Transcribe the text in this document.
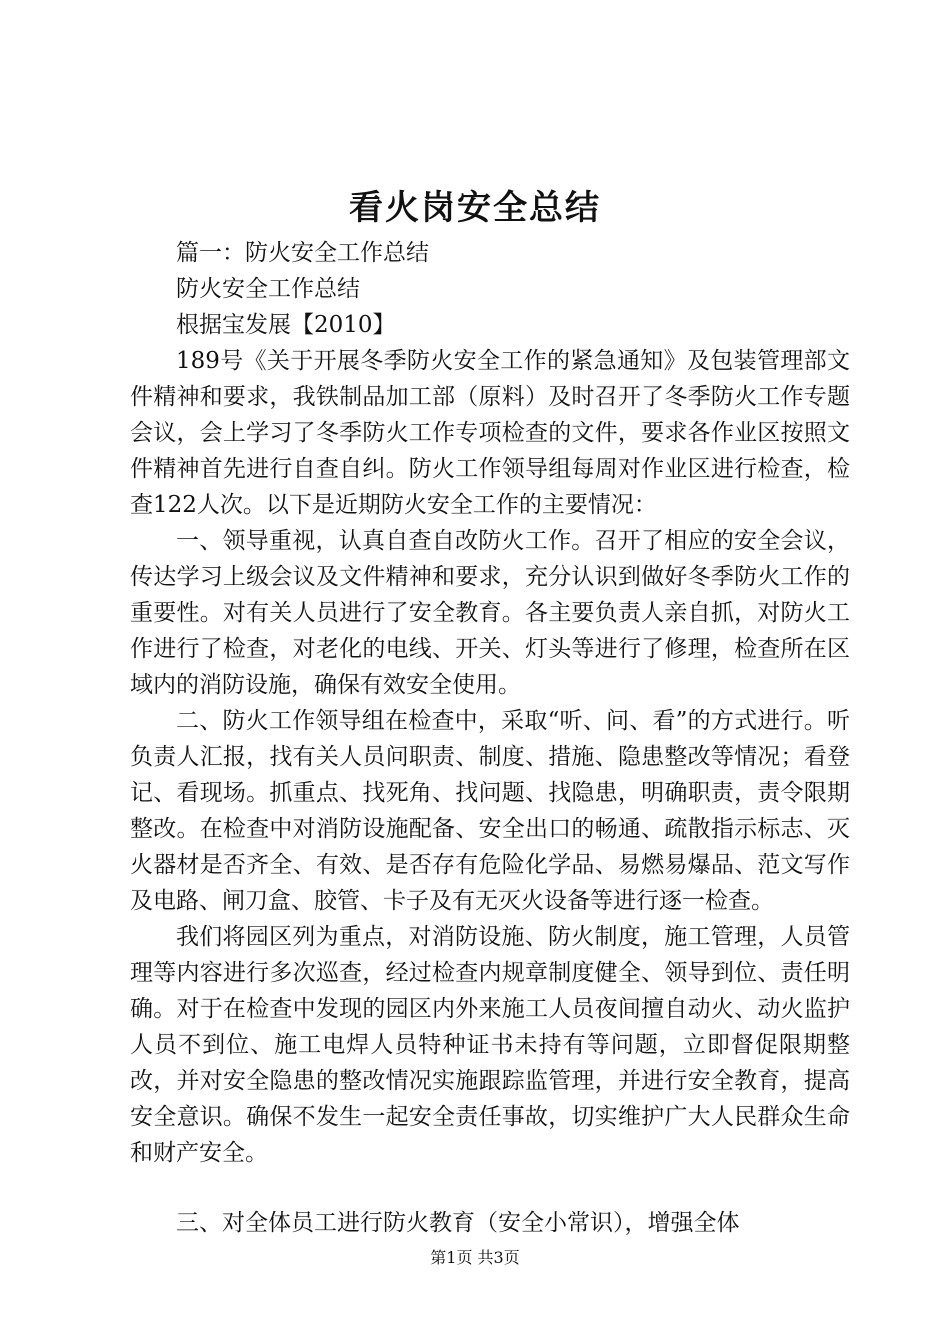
看火岗安全总结

篇一：防火安全工作总结

防火安全工作总结

根据宝发展【2010】

189号《关于开展冬季防火安全工作的紧急通知》及包装管理部文件精神和要求，我铁制品加工部（原料）及时召开了冬季防火工作专题会议，会上学习了冬季防火工作专项检查的文件，要求各作业区按照文件精神首先进行自查自纠。防火工作领导组每周对作业区进行检查，检查122人次。以下是近期防火安全工作的主要情况：

一、领导重视，认真自查自改防火工作。召开了相应的安全会议，传达学习上级会议及文件精神和要求，充分认识到做好冬季防火工作的重要性。对有关人员进行了安全教育。各主要负责人亲自抓，对防火工作进行了检查，对老化的电线、开关、灯头等进行了修理，检查所在区域内的消防设施，确保有效安全使用。

二、防火工作领导组在检查中，采取“听、问、看”的方式进行。听负责人汇报，找有关人员问职责、制度、措施、隐患整改等情况；看登记、看现场。抓重点、找死角、找问题、找隐患，明确职责，责令限期整改。在检查中对消防设施配备、安全出口的畅通、疏散指示标志、灭火器材是否齐全、有效、是否存有危险化学品、易燃易爆品、范文写作及电路、闸刀盒、胶管、卡子及有无灭火设备等进行逐一检查。

我们将园区列为重点，对消防设施、防火制度，施工管理，人员管理等内容进行多次巡查，经过检查内规章制度健全、领导到位、责任明确。对于在检查中发现的园区内外来施工人员夜间擅自动火、动火监护人员不到位、施工电焊人员特种证书未持有等问题，立即督促限期整改，并对安全隐患的整改情况实施跟踪监管理，并进行安全教育，提高安全意识。确保不发生一起安全责任事故，切实维护广大人民群众生命和财产安全。

三、对全体员工进行防火教育（安全小常识），增强全体

第1页 共3页
